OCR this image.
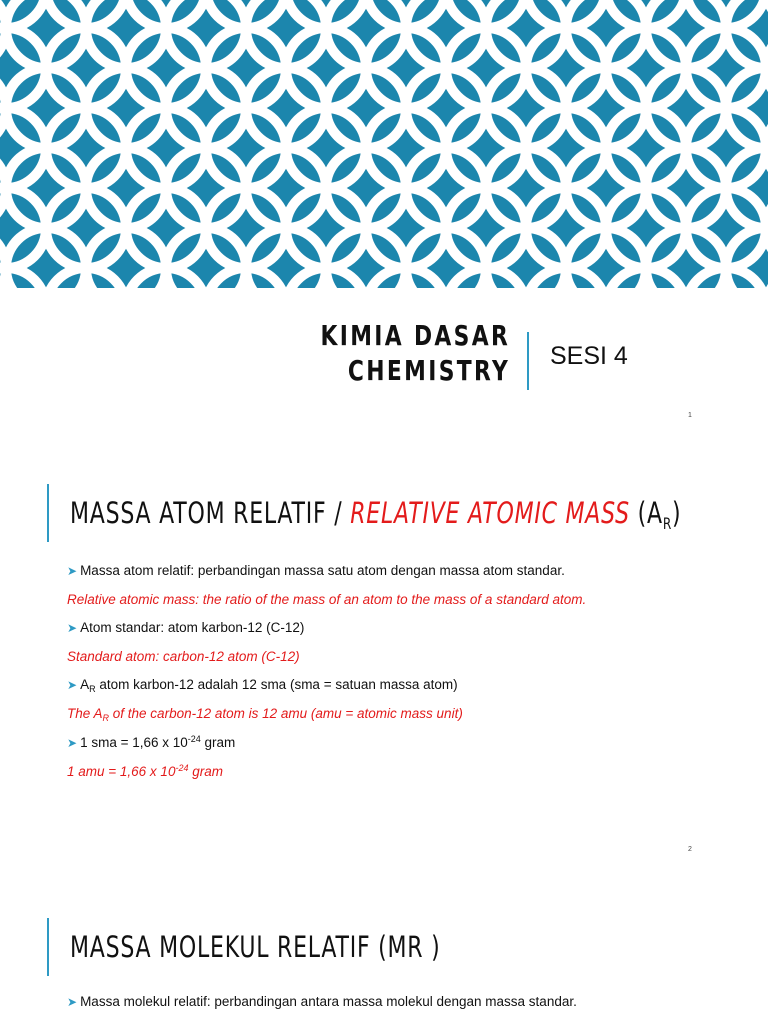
KIMIA DASAR
CHEMISTRY SESI 4
1
MASSA ATOM RELATIF / RELATIVE ATOMIC MASS $(A_R)$
➤ Massa atom relatif: perbandingan massa satu atom dengan massa atom standar.
Relative atomic mass: the ratio of the mass of an atom to the mass of a standard atom.
➤ Atom standar: atom karbon-12 (C-12)
Standard atom: carbon-12 atom (C-12)
➤ $A_R$ atom karbon-12 adalah 12 sma (sma = satuan massa atom)
The $A_R$ of the carbon-12 atom is 12 amu (amu = atomic mass unit)
➤ 1 sma = 1,66 x $10^{-24}$ gram
1 amu = 1,66 x $10^{-24}$ gram
2
MASSA MOLEKUL RELATIF (MR )
➤ Massa molekul relatif: perbandingan antara massa molekul dengan massa standar.
